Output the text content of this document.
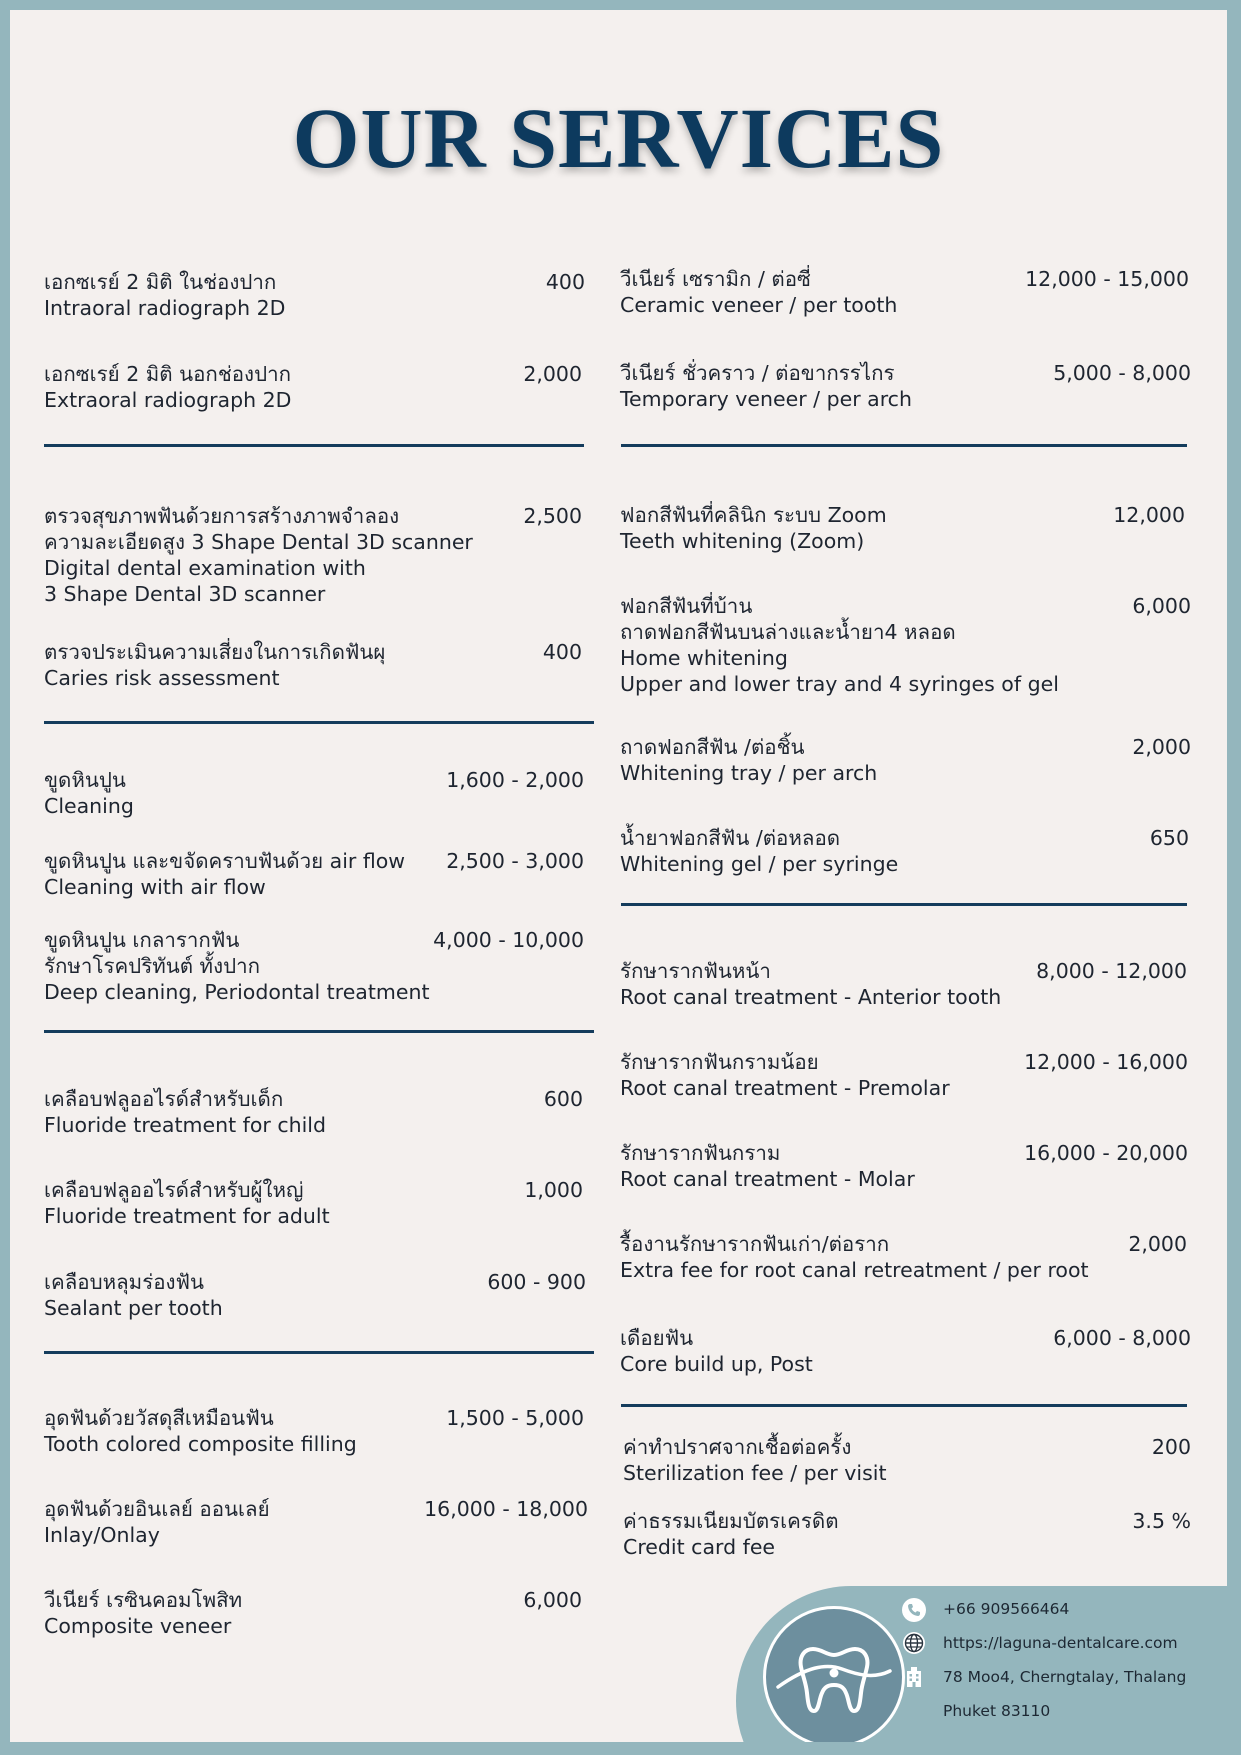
OUR SERVICES
เอกซเรย์ 2 มิติ ในช่องปาก
Intraoral radiograph 2D
400
เอกซเรย์ 2 มิติ นอกช่องปาก
Extraoral radiograph 2D
2,000
ตรวจสุขภาพฟันด้วยการสร้างภาพจำลอง
ความละเอียดสูง 3 Shape Dental 3D scanner
Digital dental examination with
3 Shape Dental 3D scanner
2,500
ตรวจประเมินความเสี่ยงในการเกิดฟันผุ
Caries risk assessment
400
ขูดหินปูน
Cleaning
1,600 - 2,000
ขูดหินปูน และขจัดคราบฟันด้วย air flow
Cleaning with air flow
2,500 - 3,000
ขูดหินปูน เกลารากฟัน
รักษาโรคปริทันต์ ทั้งปาก
Deep cleaning, Periodontal treatment
4,000 - 10,000
เคลือบฟลูออไรด์สำหรับเด็ก
Fluoride treatment for child
600
เคลือบฟลูออไรด์สำหรับผู้ใหญ่
Fluoride treatment for adult
1,000
เคลือบหลุมร่องฟัน
Sealant per tooth
600 - 900
อุดฟันด้วยวัสดุสีเหมือนฟัน
Tooth colored composite filling
1,500 - 5,000
อุดฟันด้วยอินเลย์ ออนเลย์
Inlay/Onlay
16,000 - 18,000
วีเนียร์ เรซินคอมโพสิท
Composite veneer
6,000
วีเนียร์ เซรามิก / ต่อซี่
Ceramic veneer / per tooth
12,000 - 15,000
วีเนียร์ ชั่วคราว / ต่อขากรรไกร
Temporary veneer / per arch
5,000 - 8,000
ฟอกสีฟันที่คลินิก ระบบ Zoom
Teeth whitening (Zoom)
12,000
ฟอกสีฟันที่บ้าน
ถาดฟอกสีฟันบนล่างและน้ำยา4 หลอด
Home whitening
Upper and lower tray and 4 syringes of gel
6,000
ถาดฟอกสีฟัน /ต่อชิ้น
Whitening tray / per arch
2,000
น้ำยาฟอกสีฟัน /ต่อหลอด
Whitening gel / per syringe
650
รักษารากฟันหน้า
Root canal treatment - Anterior tooth
8,000 - 12,000
รักษารากฟันกรามน้อย
Root canal treatment - Premolar
12,000 - 16,000
รักษารากฟันกราม
Root canal treatment - Molar
16,000 - 20,000
รื้องานรักษารากฟันเก่า/ต่อราก
Extra fee for root canal retreatment / per root
2,000
เดือยฟัน
Core build up, Post
6,000 - 8,000
ค่าทำปราศจากเชื้อต่อครั้ง
Sterilization fee / per visit
200
ค่าธรรมเนียมบัตรเครดิต
Credit card fee
3.5 %
+66 909566464
https://laguna-dentalcare.com
78 Moo4, Cherngtalay, Thalang
Phuket 83110
